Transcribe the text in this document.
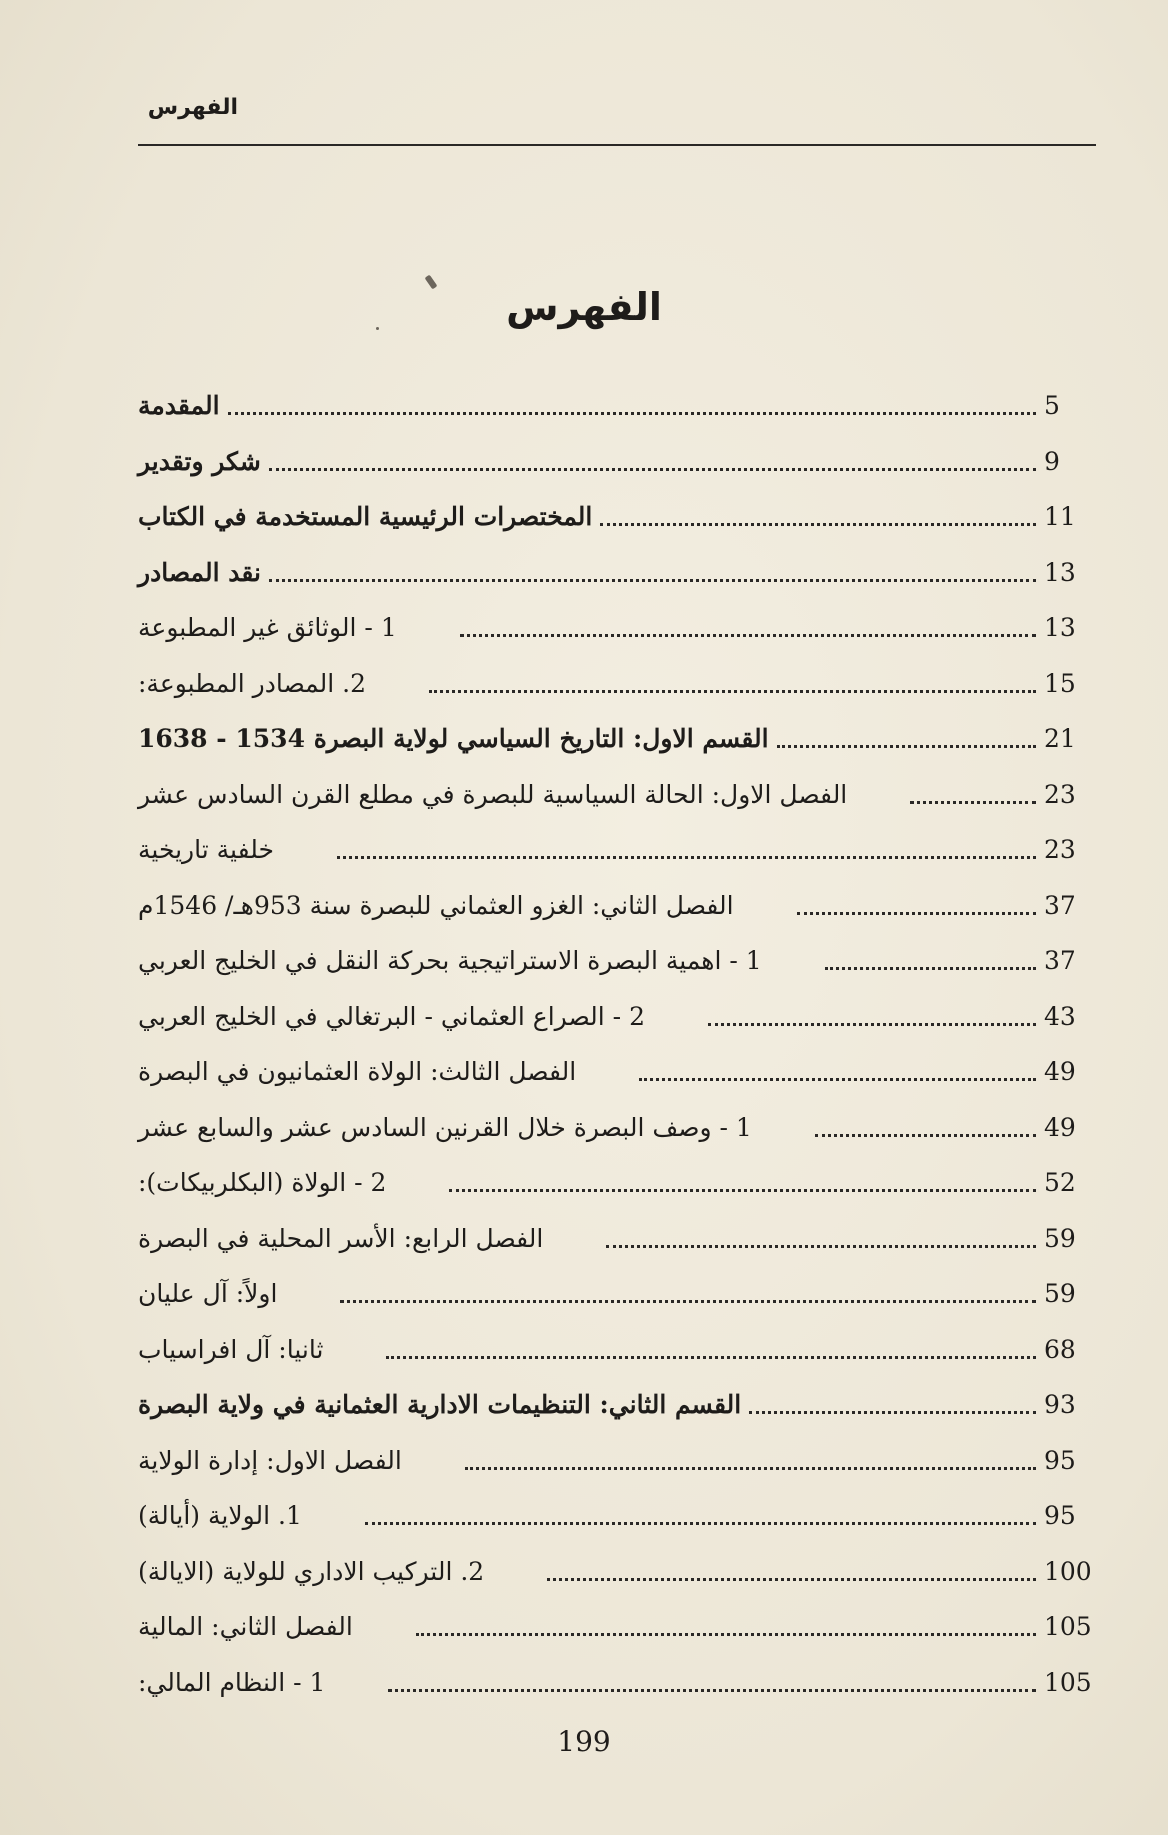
الفهرس
الفهرس
المقدمة	5
شكر وتقدير	9
المختصرات الرئيسية المستخدمة في الكتاب	11
نقد المصادر	13
1 - الوثائق غير المطبوعة	13
2. المصادر المطبوعة:	15
القسم الاول: التاريخ السياسي لولاية البصرة 1534 - 1638	21
الفصل الاول: الحالة السياسية للبصرة في مطلع القرن السادس عشر	23
خلفية تاريخية	23
الفصل الثاني: الغزو العثماني للبصرة سنة 953هـ/ 1546م	37
1 - اهمية البصرة الاستراتيجية بحركة النقل في الخليج العربي	37
2 - الصراع العثماني - البرتغالي في الخليج العربي	43
الفصل الثالث: الولاة العثمانيون في البصرة	49
1 - وصف البصرة خلال القرنين السادس عشر والسابع عشر	49
2 - الولاة (البكلربيكات):	52
الفصل الرابع: الأسر المحلية في البصرة	59
اولاً: آل عليان	59
ثانيا: آل افراسياب	68
القسم الثاني: التنظيمات الادارية العثمانية في ولاية البصرة	93
الفصل الاول: إدارة الولاية	95
1. الولاية (أيالة)	95
2. التركيب الاداري للولاية (الايالة)	100
الفصل الثاني: المالية	105
1 - النظام المالي:	105
199
